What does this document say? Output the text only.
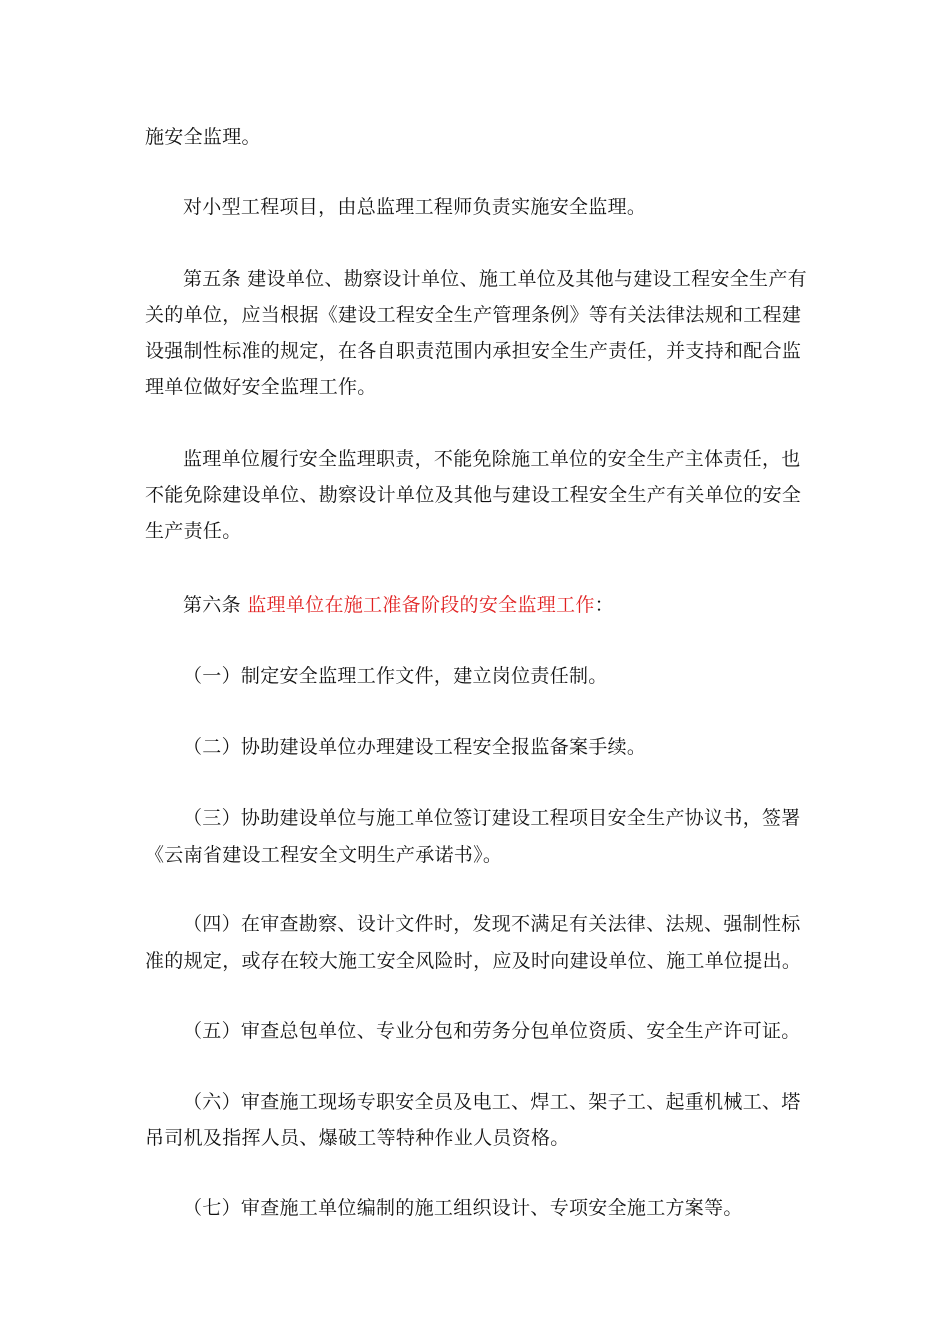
施安全监理。
对小型工程项目，由总监理工程师负责实施安全监理。
第五条 建设单位、勘察设计单位、施工单位及其他与建设工程安全生产有
关的单位，应当根据《建设工程安全生产管理条例》等有关法律法规和工程建
设强制性标准的规定，在各自职责范围内承担安全生产责任，并支持和配合监
理单位做好安全监理工作。
监理单位履行安全监理职责，不能免除施工单位的安全生产主体责任，也
不能免除建设单位、勘察设计单位及其他与建设工程安全生产有关单位的安全
生产责任。
第六条 监理单位在施工准备阶段的安全监理工作：
（一）制定安全监理工作文件，建立岗位责任制。
（二）协助建设单位办理建设工程安全报监备案手续。
（三）协助建设单位与施工单位签订建设工程项目安全生产协议书，签署
《云南省建设工程安全文明生产承诺书》。
（四）在审查勘察、设计文件时，发现不满足有关法律、法规、强制性标
准的规定，或存在较大施工安全风险时，应及时向建设单位、施工单位提出。
（五）审查总包单位、专业分包和劳务分包单位资质、安全生产许可证。
（六）审查施工现场专职安全员及电工、焊工、架子工、起重机械工、塔
吊司机及指挥人员、爆破工等特种作业人员资格。
（七）审查施工单位编制的施工组织设计、专项安全施工方案等。
